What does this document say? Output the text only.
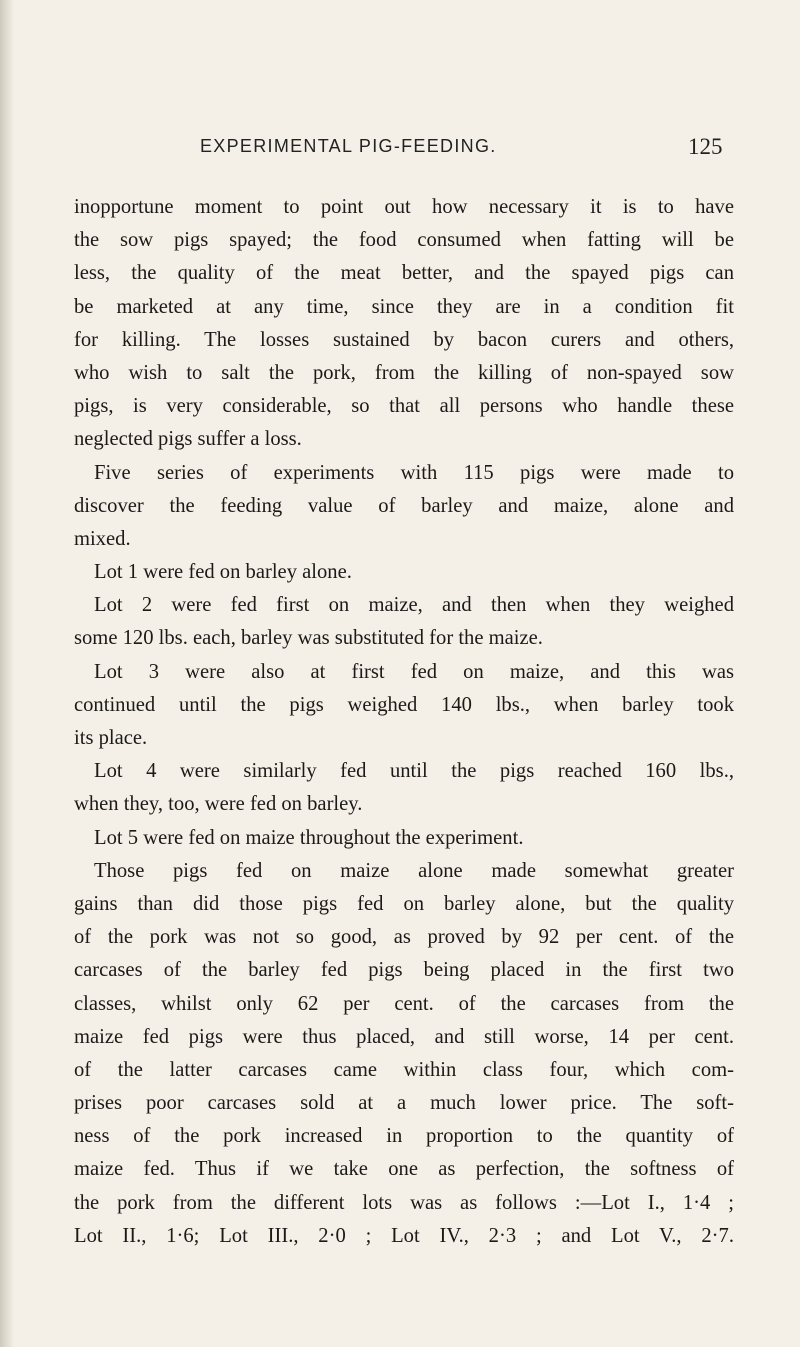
EXPERIMENTAL PIG-FEEDING.	125
inopportune moment to point out how necessary it is to have
the sow pigs spayed; the food consumed when fatting will be
less, the quality of the meat better, and the spayed pigs can
be marketed at any time, since they are in a condition fit
for killing. The losses sustained by bacon curers and others,
who wish to salt the pork, from the killing of non-spayed sow
pigs, is very considerable, so that all persons who handle these
neglected pigs suffer a loss.
Five series of experiments with 115 pigs were made to
discover the feeding value of barley and maize, alone and
mixed.
Lot 1 were fed on barley alone.
Lot 2 were fed first on maize, and then when they weighed
some 120 lbs. each, barley was substituted for the maize.
Lot 3 were also at first fed on maize, and this was
continued until the pigs weighed 140 lbs., when barley took
its place.
Lot 4 were similarly fed until the pigs reached 160 lbs.,
when they, too, were fed on barley.
Lot 5 were fed on maize throughout the experiment.
Those pigs fed on maize alone made somewhat greater
gains than did those pigs fed on barley alone, but the quality
of the pork was not so good, as proved by 92 per cent. of the
carcases of the barley fed pigs being placed in the first two
classes, whilst only 62 per cent. of the carcases from the
maize fed pigs were thus placed, and still worse, 14 per cent.
of the latter carcases came within class four, which com-
prises poor carcases sold at a much lower price. The soft-
ness of the pork increased in proportion to the quantity of
maize fed. Thus if we take one as perfection, the softness of
the pork from the different lots was as follows :—Lot I., 1·4 ;
Lot II., 1·6; Lot III., 2·0 ; Lot IV., 2·3 ; and Lot V., 2·7.
